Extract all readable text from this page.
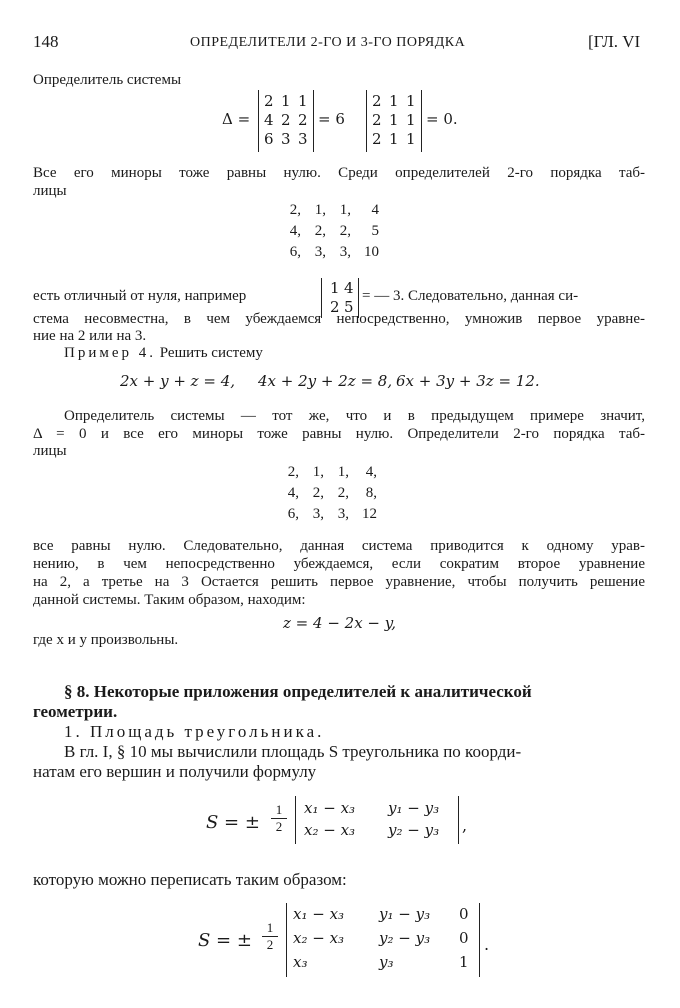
148	ОПРЕДЕЛИТЕЛИ 2-ГО И 3-ГО ПОРЯДКА	[ГЛ. VI
Определитель системы
Δ =
2 1 1
4 2 2
6 3 3
= 6
2 1 1
2 1 1
2 1 1
= 0.
Все его миноры тоже равны нулю. Среди определителей 2-го порядка таб-
лицы
2, 1, 1,	4
4, 2, 2,	5
6, 3, 3, 10
есть отличный от нуля, например	1 4
2 5
= — 3. Следовательно, данная си-
стема несовместна, в чем убеждаемся непосредственно, умножив первое уравне-
ние на 2 или на 3.
Пример 4. Решить систему
2x + y + z = 4, 4x + 2y + 2z = 8, 6x + 3y + 3z = 12.
Определитель системы — тот же, что и в предыдущем примере значит,
Δ = 0 и все его миноры тоже равны нулю. Определители 2-го порядка таб-
лицы
2, 1, 1,	4,
4, 2, 2,	8,
6, 3, 3, 12
все равны нулю. Следовательно, данная система приводится к одному урав-
нению, в чем непосредственно убеждаемся, если сократим второе уравнение
на 2, а третье на 3 Остается решить первое уравнение, чтобы получить решение
данной системы. Таким образом, находим:
z = 4 − 2x − y,
где x и y произвольны.
§ 8. Некоторые приложения определителей к аналитической
геометрии.
1. Площадь треугольника.
В гл. I, § 10 мы вычислили площадь S треугольника по коорди-
натам его вершин и получили формулу
S = ± $\frac{1}{2} x_1 - x_3$ y₁ − y₃
x₂ − x₃ y₂ − y₃ ,
которую можно переписать таким образом:
S = ± $\frac{1}{2}$
x₁ − x₃ y₁ − y₃ 0
x₂ − x₃ y₂ − y₃ 0
x₃	y₃	1
.
